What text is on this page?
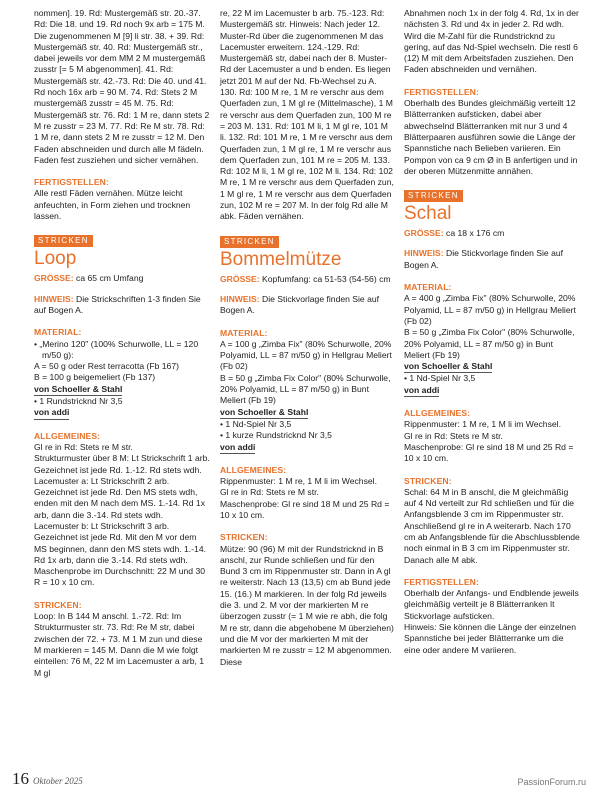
nommen]. 19. Rd: Mustergemäß str. 20.-37. Rd: Die 18. und 19. Rd noch 9x arb = 175 M. Die zugenommenen M [9] li str. 38. + 39. Rd: Mustergemäß str. 40. Rd: Mustergemäß str., dabei jeweils vor dem MM 2 M mustergemäß zusstr [= 5 M abgenommen]. 41. Rd: Mustergemäß str. 42.-73. Rd: Die 40. und 41. Rd noch 16x arb = 90 M. 74. Rd: Stets 2 M mustergemäß zusstr = 45 M. 75. Rd: Mustergemäß str. 76. Rd: 1 M re, dann stets 2 M re zusstr = 23 M. 77. Rd: Re M str. 78. Rd: 1 M re, dann stets 2 M re zusstr = 12 M. Den Faden abschneiden und durch alle M fädeln. Faden fest zusziehen und sicher vernähen.

FERTIGSTELLEN:

Alle restl Fäden vernähen. Mütze leicht anfeuchten, in Form ziehen und trocknen lassen.

STRICKEN
Loop

GRÖSSE: ca 65 cm Umfang

HINWEIS: Die Strickschriften 1-3 finden Sie auf Bogen A.

MATERIAL:

• „Merino 120" (100% Schurwolle, LL = 120 m/50 g):

A = 50 g oder Rest terracotta (Fb 167)

B = 100 g beigemeliert (Fb 137)

von Schoeller & Stahl

• 1 Rundstricknd Nr 3,5

von addi

ALLGEMEINES:

Gl re in Rd: Stets re M str.

Strukturmuster über 8 M: Lt Strickschrift 1 arb. Gezeichnet ist jede Rd. 1.-12. Rd stets wdh.

Lacemuster a: Lt Strickschrift 2 arb. Gezeichnet ist jede Rd. Den MS stets wdh, enden mit den M nach dem MS. 1.-14. Rd 1x arb, dann die 3.-14. Rd stets wdh.

Lacemuster b: Lt Strickschrift 3 arb. Gezeichnet ist jede Rd. Mit den M vor dem MS beginnen, dann den MS stets wdh. 1.-14. Rd 1x arb, dann die 3.-14. Rd stets wdh.

Maschenprobe im Durchschnitt: 22 M und 30 R = 10 x 10 cm.

STRICKEN:

Loop: In B 144 M anschl. 1.-72. Rd: Im Strukturmuster str. 73. Rd: Re M str, dabei zwischen der 72. + 73. M 1 M zun und diese M markieren = 145 M. Dann die M wie folgt einteilen: 76 M, 22 M im Lacemuster a arb, 1 M gl

re, 22 M im Lacemuster b arb. 75.-123. Rd: Mustergemäß str. Hinweis: Nach jeder 12. Muster-Rd über die zugenommenen M das Lacemuster erweitern. 124.-129. Rd: Mustergemäß str, dabei nach der 8. Muster-Rd der Lacemuster a und b enden. Es liegen jetzt 201 M auf der Nd. Fb-Wechsel zu A. 130. Rd: 100 M re, 1 M re verschr aus dem Querfaden zun, 1 M gl re (Mittelmasche), 1 M re verschr aus dem Querfaden zun, 100 M re = 203 M. 131. Rd: 101 M li, 1 M gl re, 101 M li. 132. Rd: 101 M re, 1 M re verschr aus dem Querfaden zun, 1 M gl re, 1 M re verschr aus dem Querfaden zun, 101 M re = 205 M. 133. Rd: 102 M li, 1 M gl re, 102 M li. 134. Rd: 102 M re, 1 M re verschr aus dem Querfaden zun, 1 M gl re, 1 M re verschr aus dem Querfaden zun, 102 M re = 207 M. In der folg Rd alle M abk. Fäden vernähen.

STRICKEN
Bommelmütze

GRÖSSE: Kopfumfang: ca 51-53 (54-56) cm

HINWEIS: Die Stickvorlage finden Sie auf Bogen A.

MATERIAL:

A = 100 g „Zimba Fix" (80% Schurwolle, 20% Polyamid, LL = 87 m/50 g) in Hellgrau Meliert (Fb 02)

B = 50 g „Zimba Fix Color" (80% Schurwolle, 20% Polyamid, LL = 87 m/50 g) in Bunt Meliert (Fb 19)

von Schoeller & Stahl

• 1 Nd-Spiel Nr 3,5

• 1 kurze Rundstricknd Nr 3,5

von addi

ALLGEMEINES:

Rippenmuster: 1 M re, 1 M li im Wechsel.

Gl re in Rd: Stets re M str.

Maschenprobe: Gl re sind 18 M und 25 Rd = 10 x 10 cm.

STRICKEN:

Mütze: 90 (96) M mit der Rundstricknd in B anschl, zur Runde schließen und für den Bund 3 cm im Rippenmuster str. Dann in A gl re weiterstr. Nach 13 (13,5) cm ab Bund jede 15. (16.) M markieren. In der folg Rd jeweils die 3. und 2. M vor der markierten M re überzogen zusstr (= 1 M wie re abh, die folg M re str, dann die abgehobene M überziehen) und die M vor der markierten M mit der markierten M re zusstr = 12 M abgenommen. Diese

Abnahmen noch 1x in der folg 4. Rd, 1x in der nächsten 3. Rd und 4x in jeder 2. Rd wdh. Wird die M-Zahl für die Rundstricknd zu gering, auf das Nd-Spiel wechseln. Die restl 6 (12) M mit dem Arbeitsfaden zusziehen. Den Faden abschneiden und vernähen.

FERTIGSTELLEN:

Oberhalb des Bundes gleichmäßig verteilt 12 Blätterranken aufsticken, dabei aber abwechselnd Blätterranken mit nur 3 und 4 Blätterpaaren ausführen sowie die Länge der Spannstiche nach Belieben variieren. Ein Pompon von ca 9 cm Ø in B anfertigen und in der oberen Mützenmitte annähen.

STRICKEN
Schal

GRÖSSE: ca 18 x 176 cm

HINWEIS: Die Stickvorlage finden Sie auf Bogen A.

MATERIAL:

A = 400 g „Zimba Fix" (80% Schurwolle, 20% Polyamid, LL = 87 m/50 g) in Hellgrau Meliert (Fb 02)

B = 50 g „Zimba Fix Color" (80% Schurwolle, 20% Polyamid, LL = 87 m/50 g) in Bunt Meliert (Fb 19)

von Schoeller & Stahl

• 1 Nd-Spiel Nr 3,5

von addi

ALLGEMEINES:

Rippenmuster: 1 M re, 1 M li im Wechsel.

Gl re in Rd: Stets re M str.

Maschenprobe: Gl re sind 18 M und 25 Rd = 10 x 10 cm.

STRICKEN:

Schal: 64 M in B anschl, die M gleichmäßig auf 4 Nd verteilt zur Rd schließen und für die Anfangsblende 3 cm im Rippenmuster str. Anschließend gl re in A weiterarb. Nach 170 cm ab Anfangsblende für die Abschlussblende noch einmal in B 3 cm im Rippenmuster str. Danach alle M abk.

FERTIGSTELLEN:

Oberhalb der Anfangs- und Endblende jeweils gleichmäßig verteilt je 8 Blätterranken lt Stickvorlage aufsticken.

Hinweis: Sie können die Länge der einzelnen Spannstiche bei jeder Blätterranke um die eine oder andere M variieren.

16 Oktober 2025	PassionForum.ru
